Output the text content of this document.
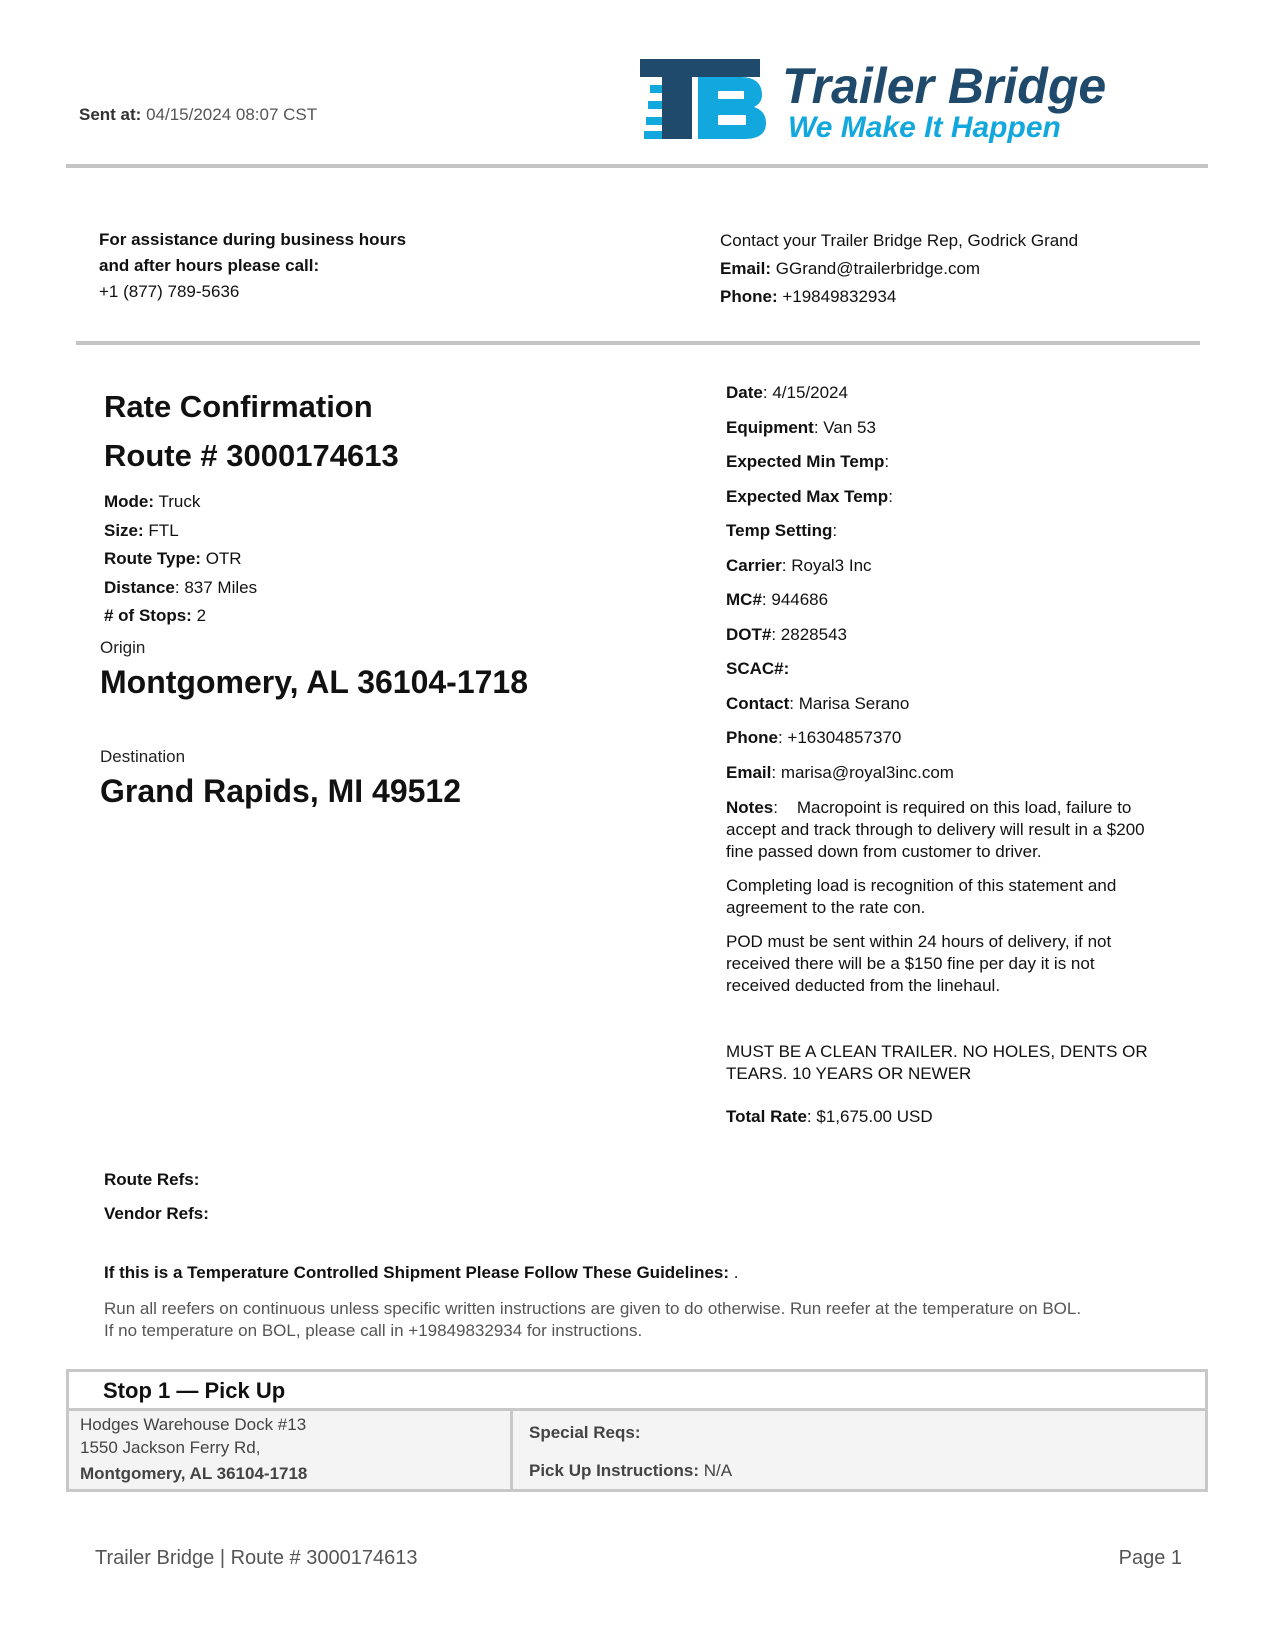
Sent at: 04/15/2024 08:07 CST
Trailer Bridge
We Make It Happen
For assistance during business hours
and after hours please call:
+1 (877) 789-5636
Contact your Trailer Bridge Rep, Godrick Grand
Email: GGrand@trailerbridge.com
Phone: +19849832934
Rate Confirmation
Route # 3000174613
Mode: Truck
Size: FTL
Route Type: OTR
Distance: 837 Miles
# of Stops: 2
Origin
Montgomery, AL 36104-1718
Destination
Grand Rapids, MI 49512
Date: 4/15/2024
Equipment: Van 53
Expected Min Temp:
Expected Max Temp:
Temp Setting:
Carrier: Royal3 Inc
MC#: 944686
DOT#: 2828543
SCAC#:
Contact: Marisa Serano
Phone: +16304857370
Email: marisa@royal3inc.com
Notes:    Macropoint is required on this load, failure to accept and track through to delivery will result in a $200 fine passed down from customer to driver.
Completing load is recognition of this statement and agreement to the rate con.
POD must be sent within 24 hours of delivery, if not received there will be a $150 fine per day it is not received deducted from the linehaul.
MUST BE A CLEAN TRAILER. NO HOLES, DENTS OR TEARS. 10 YEARS OR NEWER
Total Rate: $1,675.00 USD
Route Refs:
Vendor Refs:
If this is a Temperature Controlled Shipment Please Follow These Guidelines: .
Run all reefers on continuous unless specific written instructions are given to do otherwise. Run reefer at the temperature on BOL.
If no temperature on BOL, please call in +19849832934 for instructions.
Stop 1 — Pick Up
Hodges Warehouse Dock #13
1550 Jackson Ferry Rd,
Montgomery, AL 36104-1718
Special Reqs:
Pick Up Instructions: N/A
Trailer Bridge | Route # 3000174613	Page 1
